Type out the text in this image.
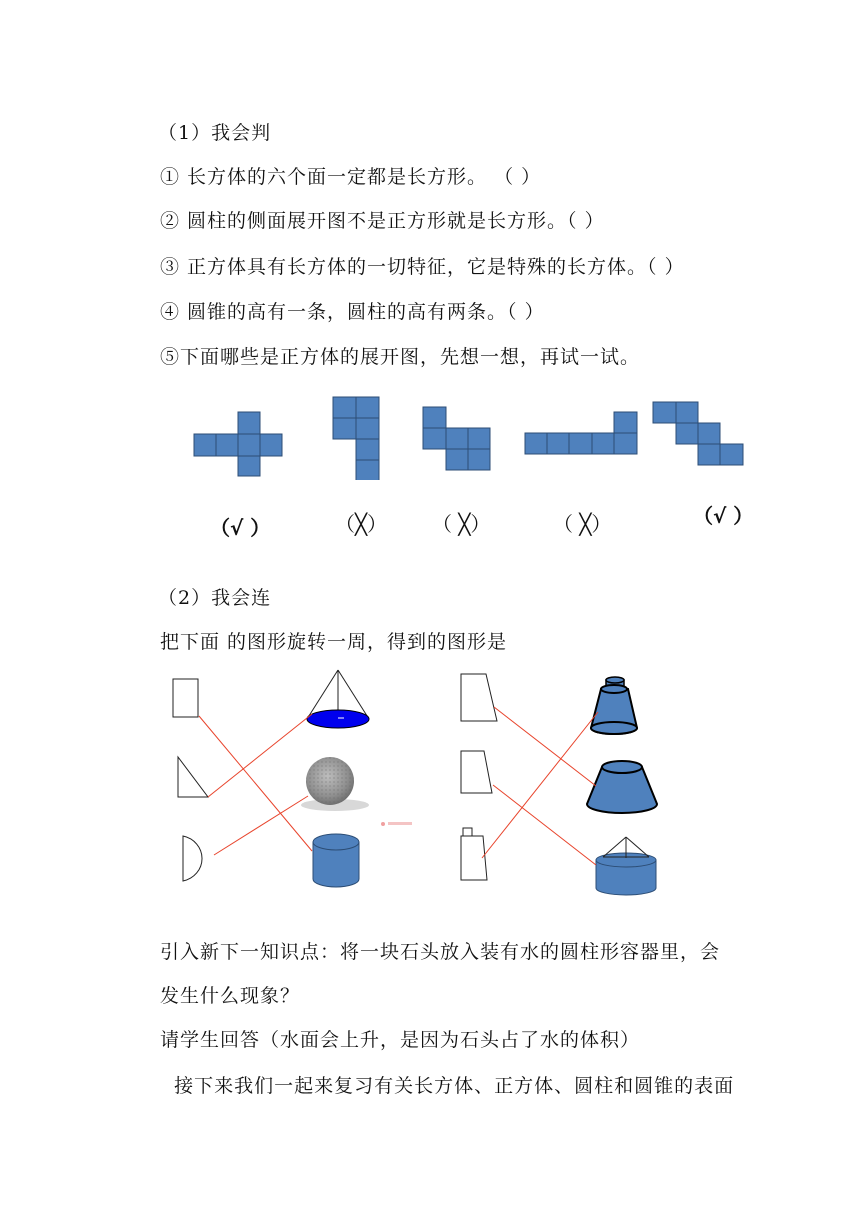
（1）我会判
① 长方体的六个面一定都是长方形。 （ ）
② 圆柱的侧面展开图不是正方形就是长方形。（ ）
③ 正方体具有长方体的一切特征，它是特殊的长方体。（ ）
④ 圆锥的高有一条，圆柱的高有两条。（ ）
⑤下面哪些是正方体的展开图，先想一想，再试一试。
（√ ）	（╳） （ ╳）	（ ╳）	（√ ）
（2）我会连
把下面 的图形旋转一周，得到的图形是
引入新下一知识点：将一块石头放入装有水的圆柱形容器里，会
发生什么现象？
请学生回答（水面会上升，是因为石头占了水的体积）
接下来我们一起来复习有关长方体、正方体、圆柱和圆锥的表面
